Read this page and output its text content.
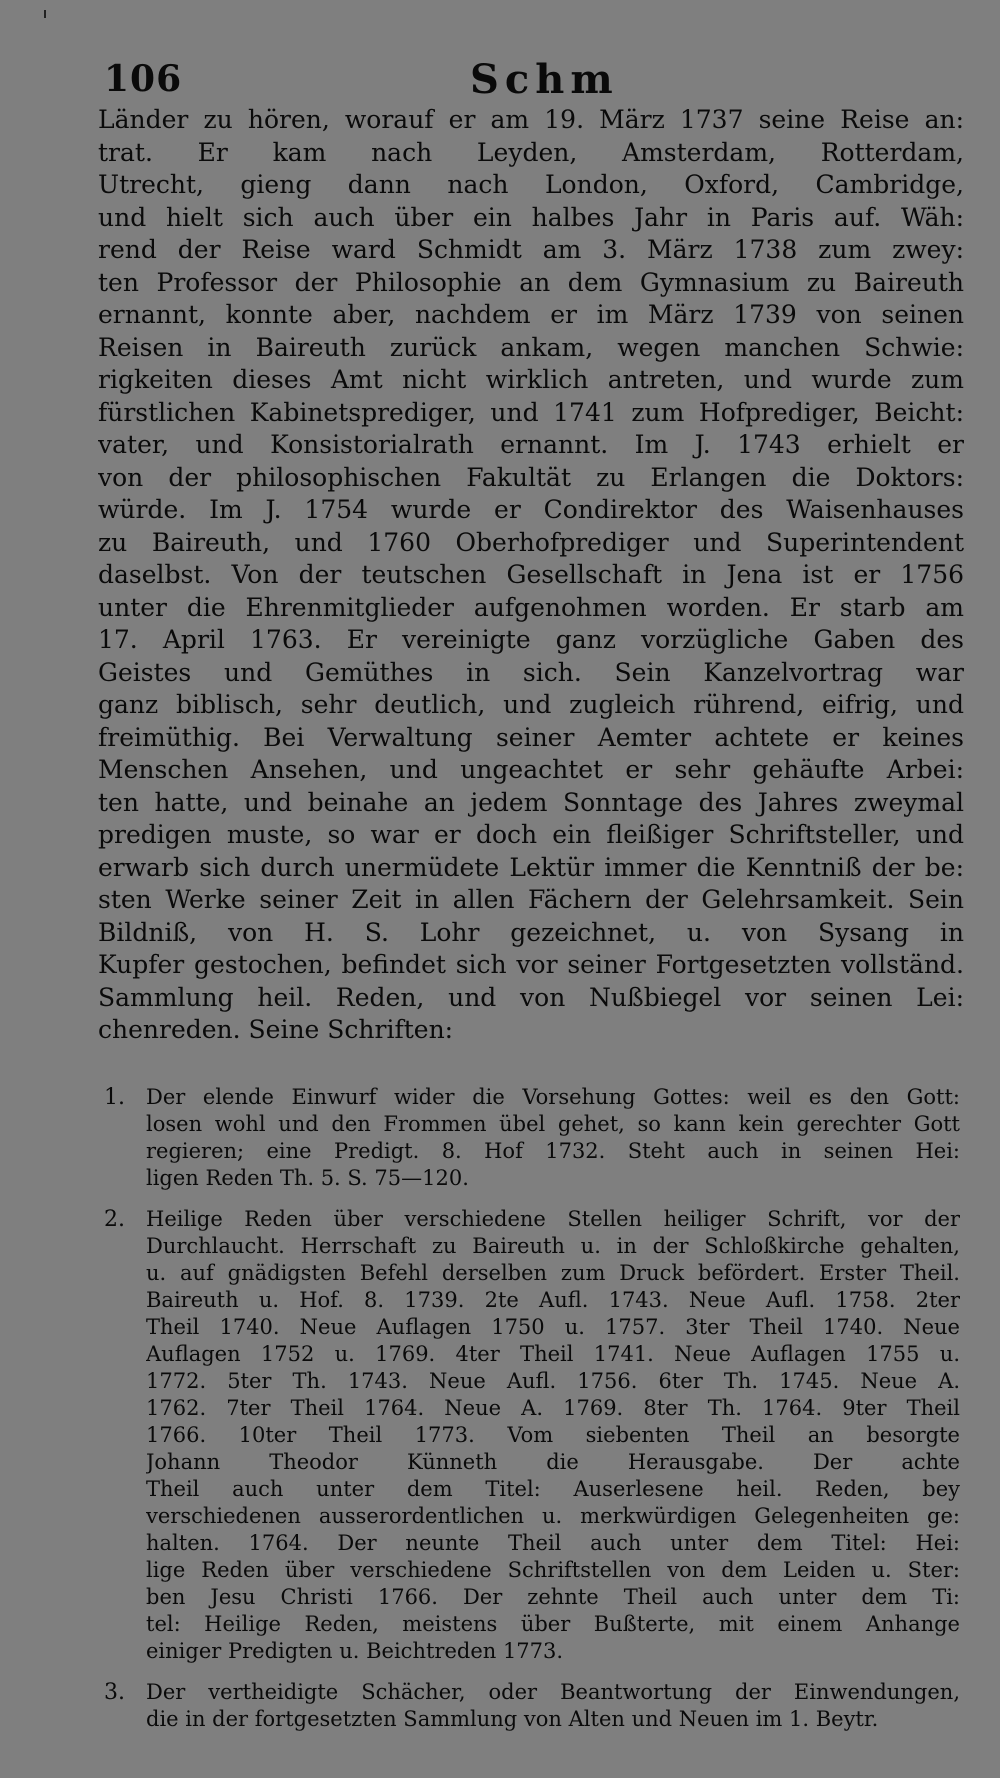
106	Schm
Länder zu hören, worauf er am 19. März 1737 seine Reise an:
trat. Er kam nach Leyden, Amsterdam, Rotterdam,
Utrecht, gieng dann nach London, Oxford, Cambridge,
und hielt sich auch über ein halbes Jahr in Paris auf. Wäh:
rend der Reise ward Schmidt am 3. März 1738 zum zwey:
ten Professor der Philosophie an dem Gymnasium zu Baireuth
ernannt, konnte aber, nachdem er im März 1739 von seinen
Reisen in Baireuth zurück ankam, wegen manchen Schwie:
rigkeiten dieses Amt nicht wirklich antreten, und wurde zum
fürstlichen Kabinetsprediger, und 1741 zum Hofprediger, Beicht:
vater, und Konsistorialrath ernannt. Im J. 1743 erhielt er
von der philosophischen Fakultät zu Erlangen die Doktors:
würde. Im J. 1754 wurde er Condirektor des Waisenhauses
zu Baireuth, und 1760 Oberhofprediger und Superintendent
daselbst. Von der teutschen Gesellschaft in Jena ist er 1756
unter die Ehrenmitglieder aufgenohmen worden. Er starb am
17. April 1763. Er vereinigte ganz vorzügliche Gaben des
Geistes und Gemüthes in sich. Sein Kanzelvortrag war
ganz biblisch, sehr deutlich, und zugleich rührend, eifrig, und
freimüthig. Bei Verwaltung seiner Aemter achtete er keines
Menschen Ansehen, und ungeachtet er sehr gehäufte Arbei:
ten hatte, und beinahe an jedem Sonntage des Jahres zweymal
predigen muste, so war er doch ein fleißiger Schriftsteller, und
erwarb sich durch unermüdete Lektür immer die Kenntniß der be:
sten Werke seiner Zeit in allen Fächern der Gelehrsamkeit. Sein
Bildniß, von H. S. Lohr gezeichnet, u. von Sysang in
Kupfer gestochen, befindet sich vor seiner Fortgesetzten vollständ.
Sammlung heil. Reden, und von Nußbiegel vor seinen Lei:
chenreden. Seine Schriften:
1. Der elende Einwurf wider die Vorsehung Gottes: weil es den Gott:
losen wohl und den Frommen übel gehet, so kann kein gerechter Gott
regieren; eine Predigt. 8. Hof 1732. Steht auch in seinen Hei:
ligen Reden Th. 5. S. 75—120.
2. Heilige Reden über verschiedene Stellen heiliger Schrift, vor der
Durchlaucht. Herrschaft zu Baireuth u. in der Schloßkirche gehalten,
u. auf gnädigsten Befehl derselben zum Druck befördert. Erster Theil.
Baireuth u. Hof. 8. 1739. 2te Aufl. 1743. Neue Aufl. 1758. 2ter
Theil 1740. Neue Auflagen 1750 u. 1757. 3ter Theil 1740. Neue
Auflagen 1752 u. 1769. 4ter Theil 1741. Neue Auflagen 1755 u.
1772. 5ter Th. 1743. Neue Aufl. 1756. 6ter Th. 1745. Neue A.
1762. 7ter Theil 1764. Neue A. 1769. 8ter Th. 1764. 9ter Theil
1766. 10ter Theil 1773. Vom siebenten Theil an besorgte
Johann Theodor Künneth die Herausgabe. Der achte
Theil auch unter dem Titel: Auserlesene heil. Reden, bey
verschiedenen ausserordentlichen u. merkwürdigen Gelegenheiten ge:
halten. 1764. Der neunte Theil auch unter dem Titel: Hei:
lige Reden über verschiedene Schriftstellen von dem Leiden u. Ster:
ben Jesu Christi 1766. Der zehnte Theil auch unter dem Ti:
tel: Heilige Reden, meistens über Bußterte, mit einem Anhange
einiger Predigten u. Beichtreden 1773.
3. Der vertheidigte Schächer, oder Beantwortung der Einwendungen,
die in der fortgesetzten Sammlung von Alten und Neuen im 1. Beytr.
